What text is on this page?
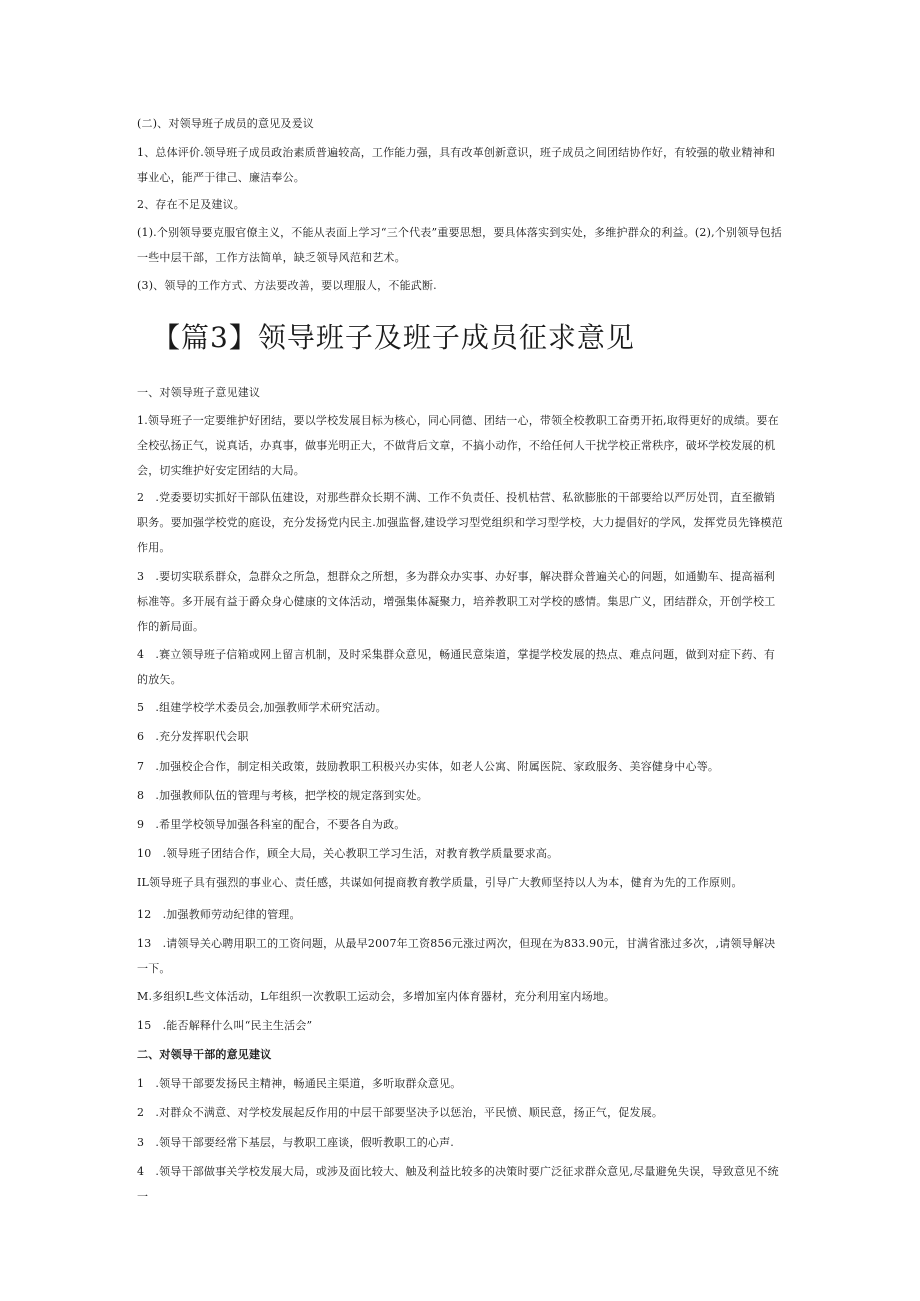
(二)、对领导班子成员的意见及爰议

1、总体评价.领导班子成员政治素质普遍较高，工作能力强，具有改革创新意识，班子成员之间团结协作好，有较强的敬业精神和事业心，能严于律己、廉洁奉公。

2、存在不足及建议。

(1).个别领导要克服官僚主义，不能从表面上学习“三个代表”重要思想，要具体落实到实处，多维护群众的利益。(2),个别领导包括一些中层干部，工作方法简单，缺乏领导风范和艺术。

(3)、领导的工作方式、方法要改善，要以理服人，不能武断.

【篇3】领导班子及班子成员征求意见

一、对领导班子意见建议

1.领导班子一定要维护好团结，要以学校发展目标为核心，同心同德、团结一心，带领全校教职工奋勇开拓,取得更好的成绩。要在全校弘扬正气，说真话，办真事，做事光明正大，不做背后文章，不搞小动作，不给任何人干扰学校正常秩序，破坏学校发展的机会，切实维护好安定团结的大局。

2　.党委要切实抓好干部队伍建设，对那些群众长期不满、工作不负责任、投机枯营、私欲膨胀的干部要给以严厉处罚，直至撤销职务。要加强学校党的庭设，充分发扬党内民主.加强监督,建设学习型党组织和学习型学校，大力提倡好的学风，发挥党员先锋模范作用。

3　.要切实联系群众，急群众之所急，想群众之所想，多为群众办实事、办好事，解决群众普遍关心的问题，如通勤车、提高福利标准等。多开展有益于爵众身心健康的文体活动，增强集体凝聚力，培养教职工对学校的感情。集思广义，团结群众，开创学校工作的新局面。

4　.赛立领导班子信箱或网上留言机制，及时采集群众意见，畅通民意柒道，掌提学校发展的热点、难点问题，做到对症下药、有的放矢。

5　.组建学校学术委员会,加强教师学术研究活动。

6　.充分发挥职代会职

7　.加强校企合作，制定相关政策，鼓励教职工积极兴办实体，如老人公寓、附属医院、家政服务、美容健身中心等。

8　.加强教师队伍的管理与考核，把学校的规定落到实处。

9　.希里学校领导加强各科室的配合，不要各自为政。

10　.领导班子团结合作，顾全大局，关心教职工学习生活，对教育教学质量要求高。

IL领导班子具有强烈的事业心、责任感，共谋如何提商教育教学质量，引导广大教师坚持以人为本，健育为先的工作原则。

12　.加强教师劳动纪律的管理。

13　.请领导关心聘用职工的工资问题，从最早2007年工资856元涨过两次，但现在为833.90元，甘满省涨过多次，,请领导解决一下。

M.多组织L些文体活动，L年组织一次教职工运动会，多增加室内体育器材，充分利用室内场地。

15　.能否解释什么叫“民主生活会”

二、对领导干部的意见建议

1　.领导干部要发扬民主精神，畅通民主渠道，多听取群众意见。

2　.对群众不满意、对学校发展起反作用的中层干部要坚决予以惩治，平民愤、顺民意，扬正气，促发展。

3　.领导干部要经常下基层，与教职工座谈，假听教职工的心声.

4　.领导干部做事关学校发展大局，或涉及面比较大、触及利益比较多的决策时要广泛征求群众意见,尽量避免失误，导致意见不统一
